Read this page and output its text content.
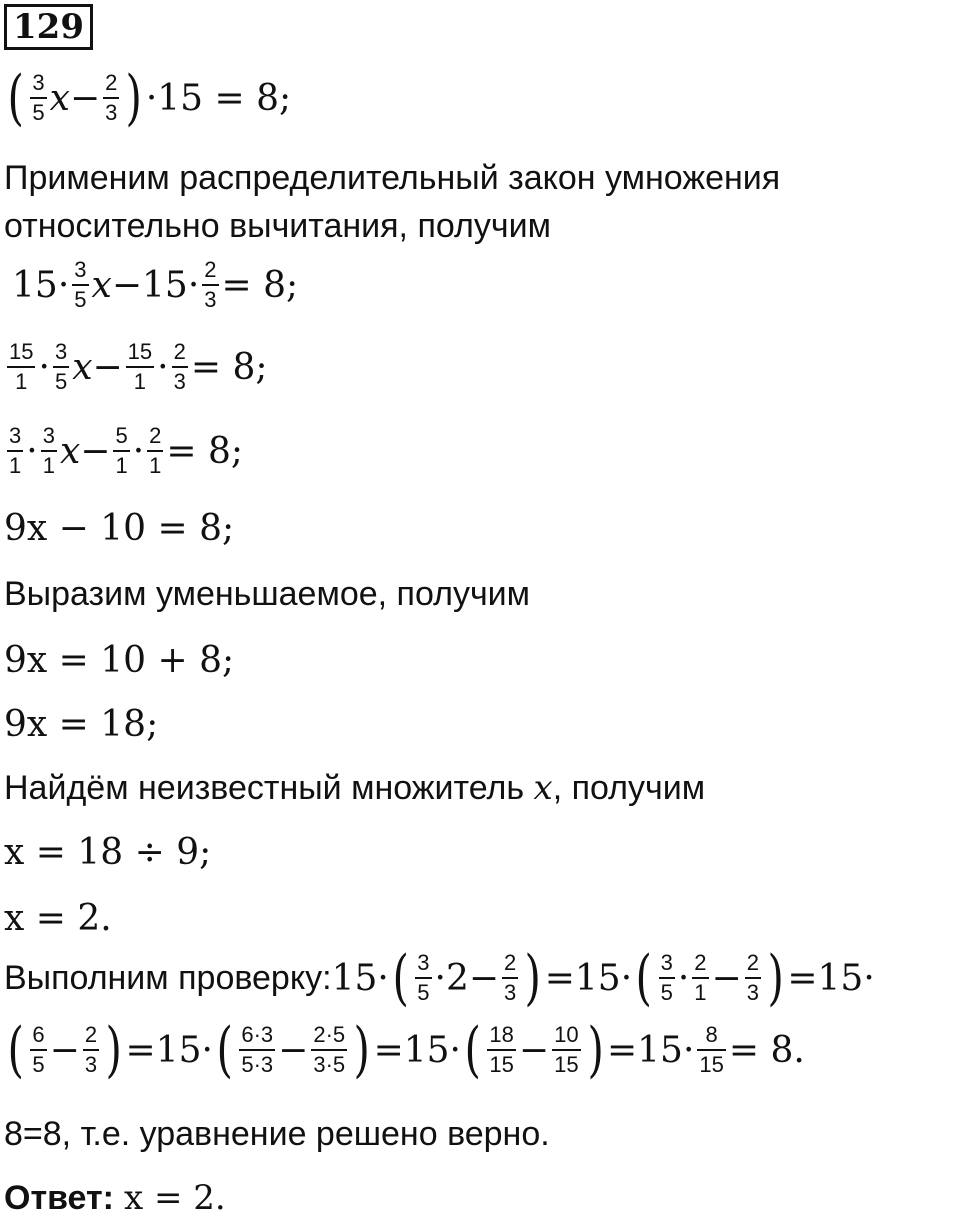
129
( $\frac{3}{5}$ $x - \frac{2}{3}$ ) · 15 = 8;
Применим распределительный закон умножения
относительно вычитания, получим
$15 \cdot \frac{3}{5}$ $x - 15 \cdot \frac{2}{3} = 8$;
$\frac{15}{1} \cdot \frac{3}{5}$ $x - \frac{15}{1} \cdot \frac{2}{3} = 8$;
$\frac{3}{1} \cdot \frac{3}{1}$ $x - \frac{5}{1} \cdot \frac{2}{1} = 8$;
9x − 10 = 8;
Выразим уменьшаемое, получим
9x = 10 + 8;
9x = 18;
Найдём неизвестный множитель x, получим
x = 18 ÷ 9;
x = 2.
Выполним проверку: 15 · ( $\frac{3}{5} \cdot 2 - \frac{2}{3}$ ) = 15 · ( $\frac{3}{5} \cdot \frac{2}{1} - \frac{2}{3}$ ) = 15 ·
( $\frac{6}{5} - \frac{2}{3}$ ) = 15 · ( $\frac{6\cdot 3}{5\cdot 3} - \frac{2\cdot 5}{3\cdot 5}$ ) = 15 · ( $\frac{18}{15} - \frac{10}{15}$ ) = $15 \cdot \frac{8}{15} = 8$.
8=8, т.е. уравнение решено верно.
Ответ: x = 2.
